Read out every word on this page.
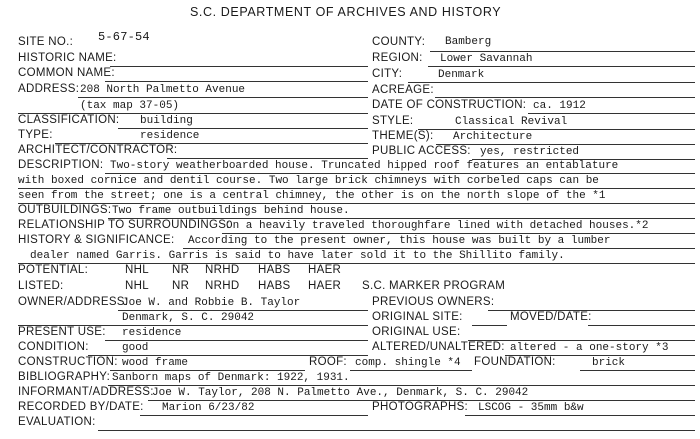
S.C. DEPARTMENT OF ARCHIVES AND HISTORY
SITE NO.: 5-67-54	COUNTY: Bamberg
HISTORIC NAME:	REGION: Lower Savannah
COMMON NAME:	CITY:	Denmark
ADDRESS: 208 North Palmetto Avenue	ACREAGE:
(tax map 37-05)	DATE OF CONSTRUCTION: ca. 1912
CLASSIFICATION: building	STYLE:	Classical Revival
TYPE:	residence	THEME(S): Architecture
ARCHITECT/CONTRACTOR:	PUBLIC ACCESS: yes, restricted
DESCRIPTION: Two-story weatherboarded house. Truncated hipped roof features an entablature
with boxed cornice and dentil course. Two large brick chimneys with corbeled caps can be
seen from the street; one is a central chimney, the other is on the north slope of the *1
OUTBUILDINGS: Two frame outbuildings behind house.
RELATIONSHIP TO SURROUNDINGS:
On a heavily traveled thoroughfare lined with detached houses.*2
HISTORY & SIGNIFICANCE: According to the present owner, this house was built by a lumber
dealer named Garris. Garris is said to have later sold it to the Shillito family.
POTENTIAL:	NHL NR NRHD HABS HAER
LISTED:	NHL NR NRHD HABS HAER S.C. MARKER PROGRAM
OWNER/ADDRESS:
Joe W. and Robbie B. Taylor	PREVIOUS OWNERS:
Denmark, S. C. 29042	ORIGINAL SITE:	MOVED/DATE:
PRESENT USE: residence	ORIGINAL USE:
CONDITION:	good	ALTERED/UNALTERED: altered - a one-story *3
CONSTRUCTION: wood frame	ROOF: comp. shingle *4 FOUNDATION:	brick
BIBLIOGRAPHY: Sanborn maps of Denmark: 1922, 1931.
INFORMANT/ADDRESS:
Joe W. Taylor, 208 N. Palmetto Ave., Denmark, S. C. 29042
RECORDED BY/DATE: Marion 6/23/82	PHOTOGRAPHS: LSCOG - 35mm b&w
EVALUATION:
